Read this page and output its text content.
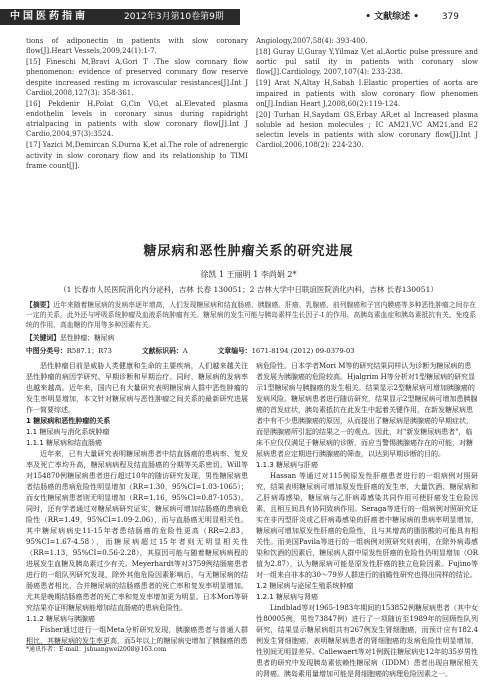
中国医药指南	2012年3月第10卷第9期	• 文献综述 •	379

tions of adiponectin in patients with slow coronary flow[J].Heart Vessels,2009,24(1):1-7.

[15] Fineschi M,Bravi A,Gori T .The slow coronary flow phenomenon: evidence of preserved coronary flow reserve despite increased resting m icrovascular resistances[J].Int J Cardiol,2008,127(3): 358-361.

[16] Pekdenir H,Polat G,Cin VG,et al.Elevated plasma endothelin levels in coronary sinus during rapidright atrialpacing in patients with slow coronary flow[J].Int J Cardio,2004,97(3):3524.

[17] Yazici M,Demircan S,Durna K,et al.The role of adrenergic activity in slow coronary flow and its relationship to TIMI frame count[J].

Angiology,2007,58(4): 393-400.

[18] Guray U,Guray Y,Yilmaz V,et al.Aortic pulse pressure and aortic pul satil ity in patients with coronary slow flow[J].Cardiology, 2007,107(4): 233-238.

[19] Arat N,Altay H,Sabah I.Elastic properties of aorta are impaired in patients with slow coronary flow phenomen on[J].Indian Heart J,2008,60(2):119-124.

[20] Turhan H,Saydam GS,Erbay AR,et al Increased plasma soluble ad hesion molecules ; IC AM21,VC AM21,and E2 selectin levels in patients with slow coronary flow[J].Int J Cardiol,2006,108(2): 224-230.

糖尿病和恶性肿瘤关系的研究进展
徐凯 1 王丽明 1 李尚娟 2*
（1 长春市人民医院消化内分泌科，吉林 长春 130051；2 吉林大学中日联谊医院消化内科，吉林 长春130051）
【摘要】近年来随着糖尿病的发病率逐年增高，人们发现糖尿病和结直肠癌、胰腺癌、肝癌、乳腺癌、前列腺癌和子宫内膜癌等多种恶性肿瘤之间存在一定的关系。此外还与呼吸系统肿瘤及血液系统肿瘤有关。糖尿病的发生可能与胰岛素样生长因子-I 的作用、高胰岛素血症和胰岛素抵抗有关。免疫系统的作用、高血糖的作用等多种因素有关。
【关键词】恶性肿瘤；糖尿病
中图分类号：R587.1；R73	文献标识码：A	文章编号：1671-8194 (2012) 09-0379-03

恶性肿瘤目前是威胁人类健康和生命的主要疾病，人们越来越关注恶性肿瘤的病因学研究、早期诊断和早期治疗。同时，糖尿病的发病率也越来越高。近年来，国内已有大量研究表明糖尿病人群中恶性肿瘤的发生率明显增加，本文针对糖尿病与恶性肿瘤之间关系的最新研究进展作一简要综述。

1 糖尿病和恶性肿瘤的关系

1.1 糖尿病与消化系统肿瘤

1.1.1 糖尿病和结直肠癌

近年来，已有大量研究表明糖尿病患者中结直肠癌的患病率、复发率及死亡率均升高，糖尿病病程及结直肠癌的分期等关系密切。Will等对154870例糖尿病患者进行超过10年的随访研究发现，男性糖尿病患者结肠癌的患病危险性明显增加（RR=1.30，95%CI=1.03-1065）；而女性糖尿病患者则无明显增加（RR=1.16，95%CI=0.87-1053）。同时，还有学者通过对糖尿病研究证实，糖尿病可增加结肠癌的患病危险性（RR=1.49，95%CI=1.09-2.06），而与直肠癌无明显相关性。其中糖尿病病史11-15年者患结肠癌的危险性更高（RR=2.83，95%CI=1.67-4.58），而糖尿病超过15年者则无明显相关性（RR=1.13，95%CI=0.56-2.28），其原因可能与随着糖尿病病程的进展发生血糖及胰岛素过少有关。Meyerhardt等对3759例结肠癌患者进行的一组队列研究发现，除外其他危险因素影响后，与无糖尿病的结肠癌患者相比，合并糖尿病的结肠癌患者的死亡率和复发率明显增加。尤其是晚期结肠癌患者的死亡率和复发率增加更为明显。日本Mori等研究结果亦证明糖尿病能增加结直肠癌的患病危险性。

1.1.2 糖尿病与胰腺癌

Fisher通过进行一组Meta分析研究发现，胰腺癌患者与普通人群相比，其糖尿病的发生率更高，而5年以上的糖尿病史增加了胰腺癌的患

病危险性。日本学者Mori M等的研究结果同样认为诊断为糖尿病的患者发展为胰腺癌的危险较高。Hjalgrim H等分析对1型糖尿病的研究显示1型糖尿病与胰腺癌的发生相关。结果显示2型糖尿病可增加胰腺癌的发病风险。糖尿病患者进行随访研究，结果显示2型糖尿病可增加患胰腺癌的首发症状，胰岛素抵抗在此发生中起着关键作用，在新发糖尿病患者中有不少患胰腺癌的原因，从而提出了糖尿病是胰腺癌的早期症状，而是胰腺癌所引起的结果之一的观点。因此，对"新发糖尿病患者"，临床不应仅仅满足于糖尿病的诊断，而应当警惕胰腺癌存在的可能，对糖尿病患者应定期进行胰腺癌的筛查，以达到早期诊断的目的。

1.1.3 糖尿病与肝癌

Hassan 等通过对115例原发性肝癌患者进行的一组病例对照研究，结果表明糖尿病可增加原发性肝癌的发生率，大量饮酒、糖尿病和乙肝病毒感染，糖尿病与乙肝病毒感染共同作用可使肝癌发生危险因素，且相互间具有协同致病作用。Seraga等进行的一组病例对照研究证实在非丙型肝炎或乙肝病毒感染的肝癌者中糖尿病的患病率明显增加，糖尿病可增加原发性肝癌的危险性，且与其增高的脂肪酸的可能具有相关性。而美国Pavila等进行的一组病例对照研究则表明，在除外病毒感染和饮酒的因素后，糖尿病人群中原发性肝癌的危险性仍明显增加（OR值为2.87），认为糖尿病可能是原发性肝癌的独立危险因素。Fujino等对一组来自非本的30～79岁人群进行的前瞻性研究也得出同样的结论。

1.2 糖尿病与泌尿生殖系统肿瘤

1.2.1 糖尿病与肾癌

Lindblad等对1965-1983年期间的153852例糖尿病患者（其中女性80005例，男性73847例）进行了一项随访至1989年的回顾性队列研究，结果显示糖尿病组共有267例发生肾细胞癌，而预计应有182.4例发生肾细胞癌，表明糖尿病患者的肾细胞癌的发病危险性明显增加，性别间无明显差异。Callewaert等对1例既往糖尿病史12年的35岁男性患者的研究中发现胰岛素依赖性糖尿病（IDDM）患者出现自糖尿相关的肾癌。胰岛素用量增加可能是肾细胞癌的病理危险因素之一。

*通讯作者：E-mail：jshuangwei2008@163.com
